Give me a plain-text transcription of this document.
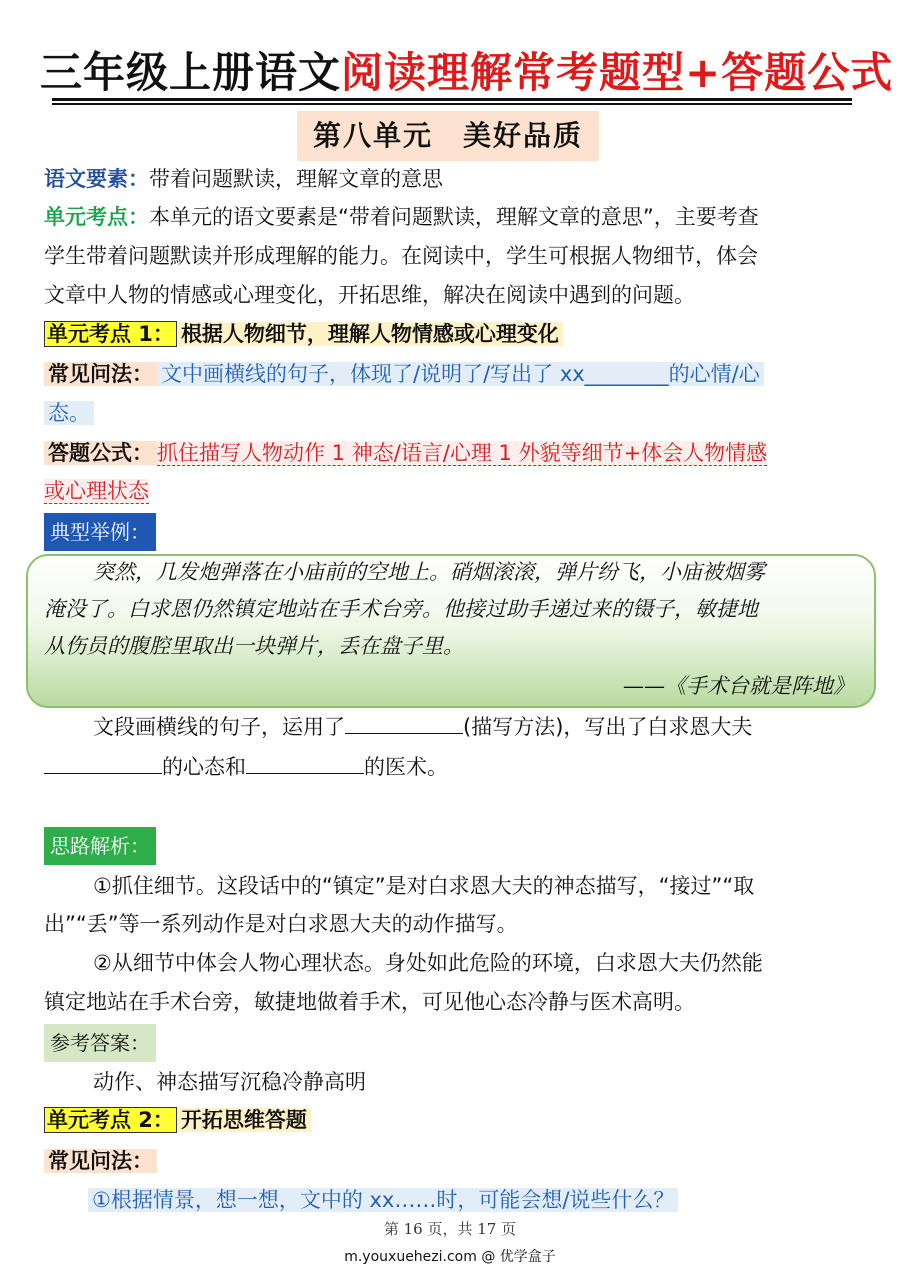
三年级上册语文阅读理解常考题型+答题公式
第八单元　美好品质
语文要素：带着问题默读，理解文章的意思
单元考点：本单元的语文要素是“带着问题默读，理解文章的意思”，主要考查
学生带着问题默读并形成理解的能力。在阅读中，学生可根据人物细节，体会
文章中人物的情感或心理变化，开拓思维，解决在阅读中遇到的问题。
单元考点 1： 根据人物细节，理解人物情感或心理变化
常见问法： 文中画横线的句子，体现了/说明了/写出了 xx________的心情/心
态。
答题公式： 抓住描写人物动作 1 神态/语言/心理 1 外貌等细节+体会人物情感
或心理状态
典型举例：
突然，几发炮弹落在小庙前的空地上。硝烟滚滚，弹片纷飞，小庙被烟雾
淹没了。白求恩仍然镇定地站在手术台旁。他接过助手递过来的镊子，敏捷地
从伤员的腹腔里取出一块弹片，丢在盘子里。
——《手术台就是阵地》
文段画横线的句子，运用了	(描写方法)，写出了白求恩大夫
的心态和	的医术。
思路解析：
①抓住细节。这段话中的“镇定”是对白求恩大夫的神态描写，“接过”“取
出”“丢”等一系列动作是对白求恩大夫的动作描写。
②从细节中体会人物心理状态。身处如此危险的环境，白求恩大夫仍然能
镇定地站在手术台旁，敏捷地做着手术，可见他心态冷静与医术高明。
参考答案：
动作、神态描写沉稳冷静高明
单元考点 2： 开拓思维答题
常见问法：
①根据情景，想一想，文中的 xx……时，可能会想/说些什么？
第 16 页，共 17 页
m.youxuehezi.com @ 优学盒子
